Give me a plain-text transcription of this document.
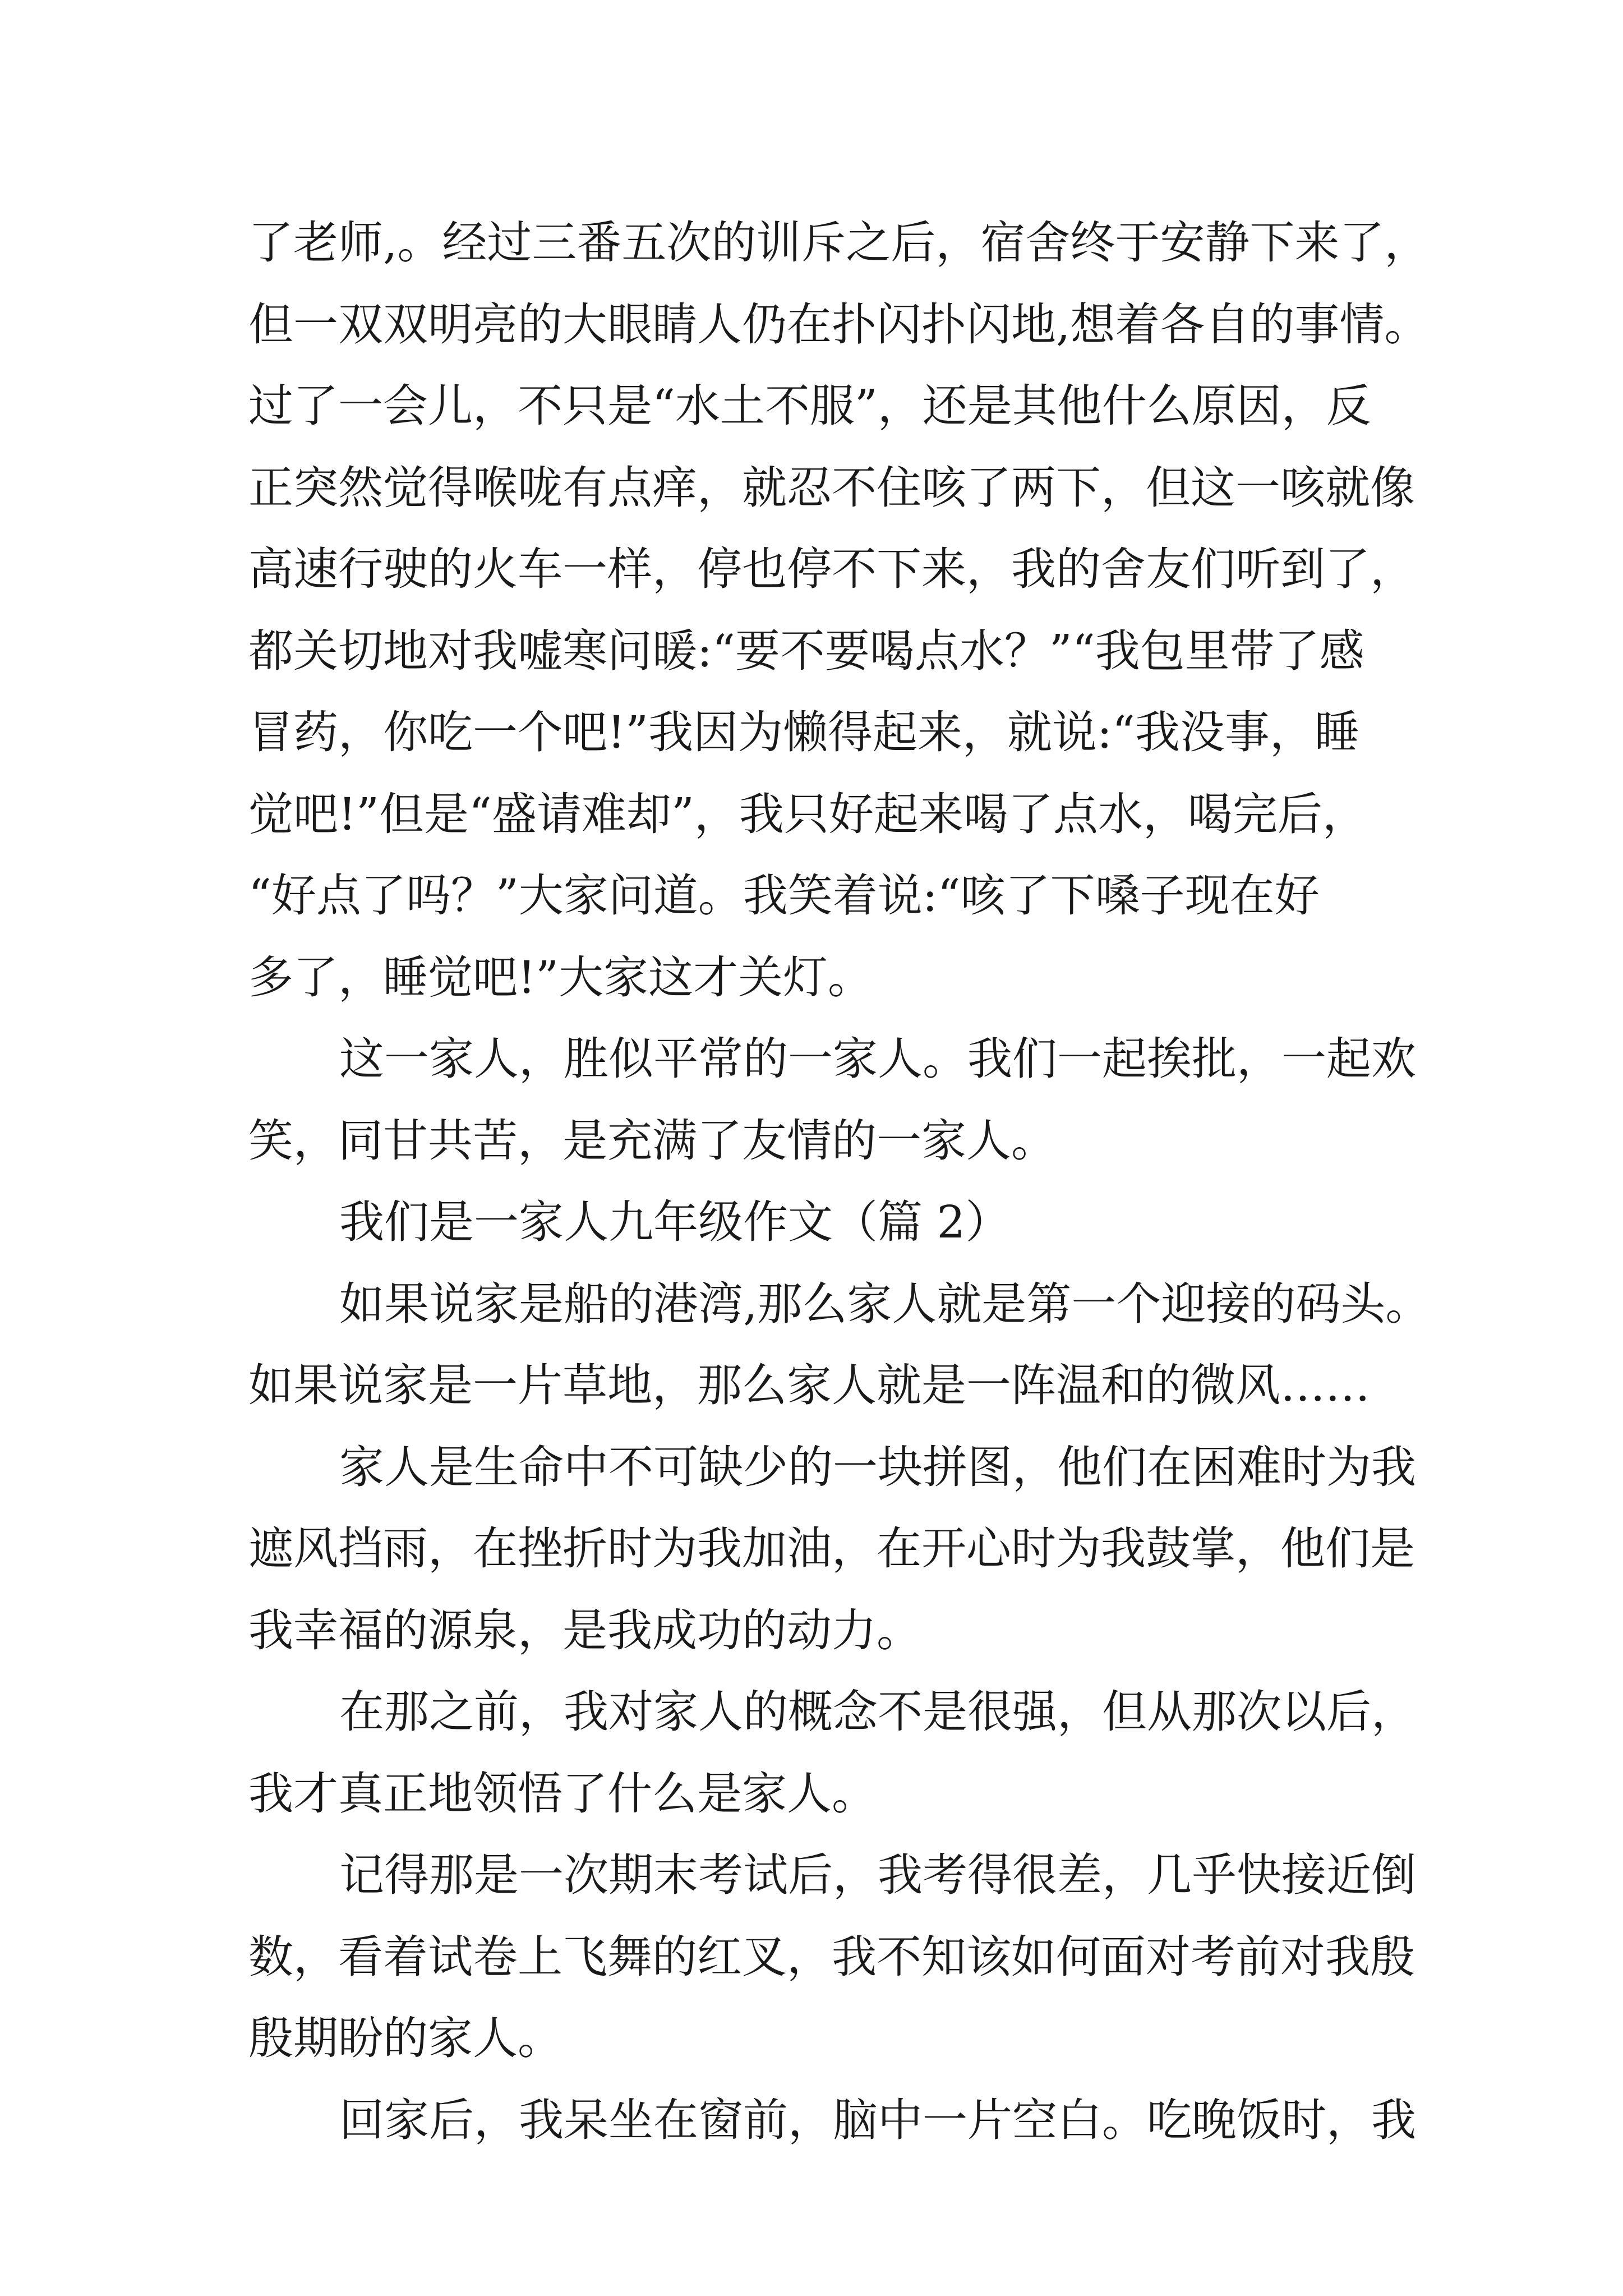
了老师,。经过三番五次的训斥之后，宿舍终于安静下来了，
但一双双明亮的大眼睛人仍在扑闪扑闪地,想着各自的事情。
过了一会儿，不只是“水土不服”，还是其他什么原因，反
正突然觉得喉咙有点痒，就忍不住咳了两下，但这一咳就像
高速行驶的火车一样，停也停不下来，我的舍友们听到了，
都关切地对我嘘寒问暖:“要不要喝点水？”“我包里带了感
冒药，你吃一个吧!”我因为懒得起来，就说:“我没事，睡
觉吧!”但是“盛请难却”，我只好起来喝了点水，喝完后，
“好点了吗？”大家问道。我笑着说:“咳了下嗓子现在好
多了，睡觉吧!”大家这才关灯。
这一家人，胜似平常的一家人。我们一起挨批，一起欢
笑，同甘共苦，是充满了友情的一家人。
我们是一家人九年级作文（篇 2）
如果说家是船的港湾,那么家人就是第一个迎接的码头。
如果说家是一片草地，那么家人就是一阵温和的微风……
家人是生命中不可缺少的一块拼图，他们在困难时为我
遮风挡雨，在挫折时为我加油，在开心时为我鼓掌，他们是
我幸福的源泉，是我成功的动力。
在那之前，我对家人的概念不是很强，但从那次以后，
我才真正地领悟了什么是家人。
记得那是一次期末考试后，我考得很差，几乎快接近倒
数，看着试卷上飞舞的红叉，我不知该如何面对考前对我殷
殷期盼的家人。
回家后，我呆坐在窗前，脑中一片空白。吃晚饭时，我
